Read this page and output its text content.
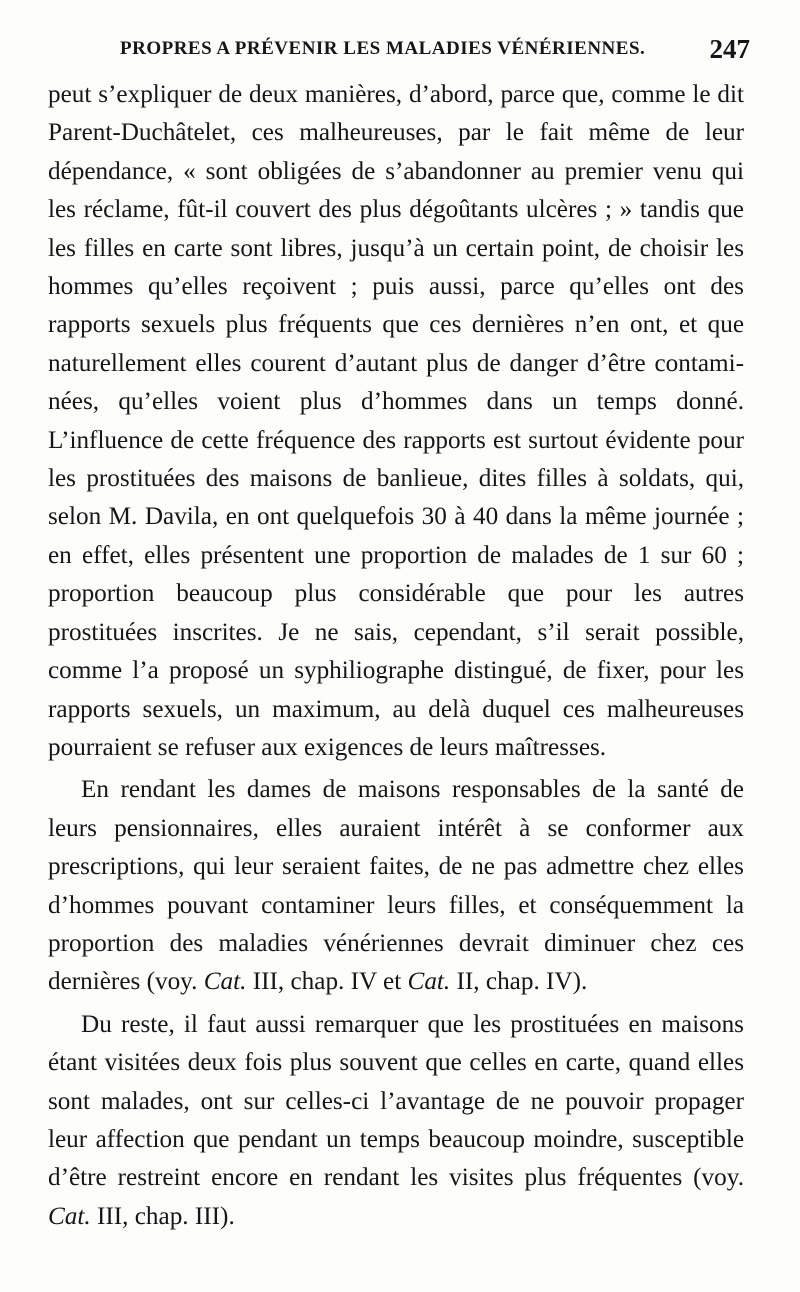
PROPRES A PRÉVENIR LES MALADIES VÉNÉRIENNES. 247

peut s’expliquer de deux manières, d’abord, parce que, comme le dit Parent-Duchâtelet, ces malheureuses, par le fait même de leur dépendance, « sont obligées de s’abandonner au premier venu qui les réclame, fût-il couvert des plus dégoûtants ulcères ; » tandis que les filles en carte sont libres, jusqu’à un certain point, de choisir les hommes qu’elles reçoivent ; puis aussi, parce qu’elles ont des rapports sexuels plus fréquents que ces dernières n’en ont, et que naturellement elles courent d’autant plus de danger d’être contaminées, qu’elles voient plus d’hommes dans un temps donné. L’influence de cette fréquence des rapports est surtout évidente pour les prostituées des maisons de banlieue, dites filles à soldats, qui, selon M. Davila, en ont quelquefois 30 à 40 dans la même journée ; en effet, elles présentent une proportion de malades de 1 sur 60 ; proportion beaucoup plus considérable que pour les autres prostituées inscrites. Je ne sais, cependant, s’il serait possible, comme l’a proposé un syphiliographe distingué, de fixer, pour les rapports sexuels, un maximum, au delà duquel ces malheureuses pourraient se refuser aux exigences de leurs maîtresses.

En rendant les dames de maisons responsables de la santé de leurs pensionnaires, elles auraient intérêt à se conformer aux prescriptions, qui leur seraient faites, de ne pas admettre chez elles d’hommes pouvant contaminer leurs filles, et conséquemment la proportion des maladies vénériennes devrait diminuer chez ces dernières (voy. Cat. III, chap. IV et Cat. II, chap. IV).

Du reste, il faut aussi remarquer que les prostituées en maisons étant visitées deux fois plus souvent que celles en carte, quand elles sont malades, ont sur celles-ci l’avantage de ne pouvoir propager leur affection que pendant un temps beaucoup moindre, susceptible d’être restreint encore en rendant les visites plus fréquentes (voy. Cat. III, chap. III).
